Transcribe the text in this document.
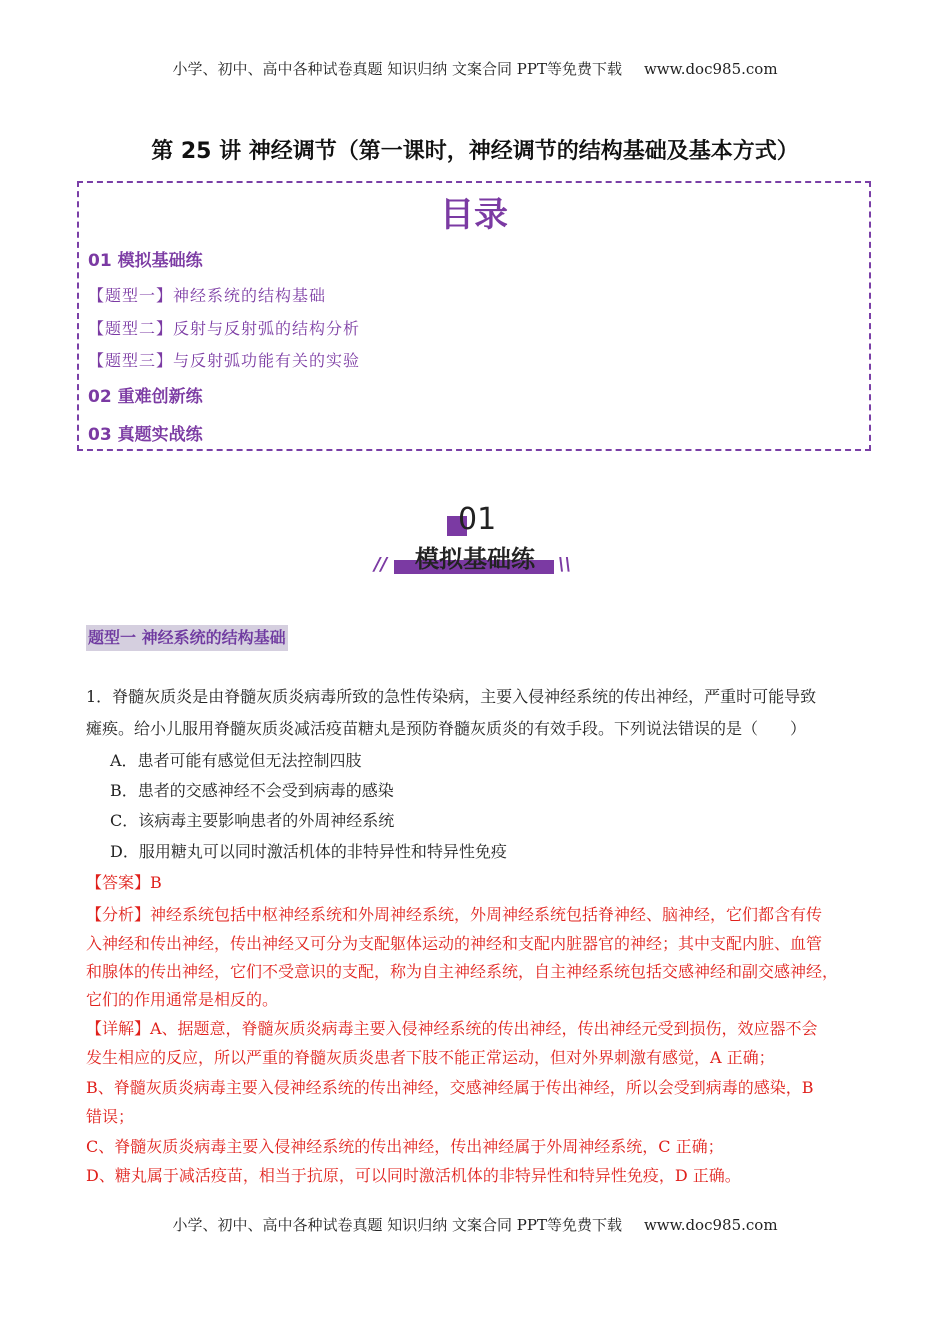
小学、初中、高中各种试卷真题 知识归纳 文案合同 PPT等免费下载 www.doc985.com
第 25 讲 神经调节（第一课时，神经调节的结构基础及基本方式）
目录
01 模拟基础练
【题型一】神经系统的结构基础
【题型二】反射与反射弧的结构分析
【题型三】与反射弧功能有关的实验
02 重难创新练
03 真题实战练
01
模拟基础练
//	\\
题型一 神经系统的结构基础
1．脊髓灰质炎是由脊髓灰质炎病毒所致的急性传染病，主要入侵神经系统的传出神经，严重时可能导致
瘫痪。给小儿服用脊髓灰质炎减活疫苗糖丸是预防脊髓灰质炎的有效手段。下列说法错误的是（　　）
A．患者可能有感觉但无法控制四肢
B．患者的交感神经不会受到病毒的感染
C．该病毒主要影响患者的外周神经系统
D．服用糖丸可以同时激活机体的非特异性和特异性免疫
【答案】B
【分析】神经系统包括中枢神经系统和外周神经系统，外周神经系统包括脊神经、脑神经，它们都含有传
入神经和传出神经，传出神经又可分为支配躯体运动的神经和支配内脏器官的神经；其中支配内脏、血管
和腺体的传出神经，它们不受意识的支配，称为自主神经系统，自主神经系统包括交感神经和副交感神经，
它们的作用通常是相反的。
【详解】A、据题意，脊髓灰质炎病毒主要入侵神经系统的传出神经，传出神经元受到损伤，效应器不会
发生相应的反应，所以严重的脊髓灰质炎患者下肢不能正常运动，但对外界刺激有感觉，A 正确；
B、脊髓灰质炎病毒主要入侵神经系统的传出神经，交感神经属于传出神经，所以会受到病毒的感染，B
错误；
C、脊髓灰质炎病毒主要入侵神经系统的传出神经，传出神经属于外周神经系统，C 正确；
D、糖丸属于减活疫苗，相当于抗原，可以同时激活机体的非特异性和特异性免疫，D 正确。
小学、初中、高中各种试卷真题 知识归纳 文案合同 PPT等免费下载 www.doc985.com
